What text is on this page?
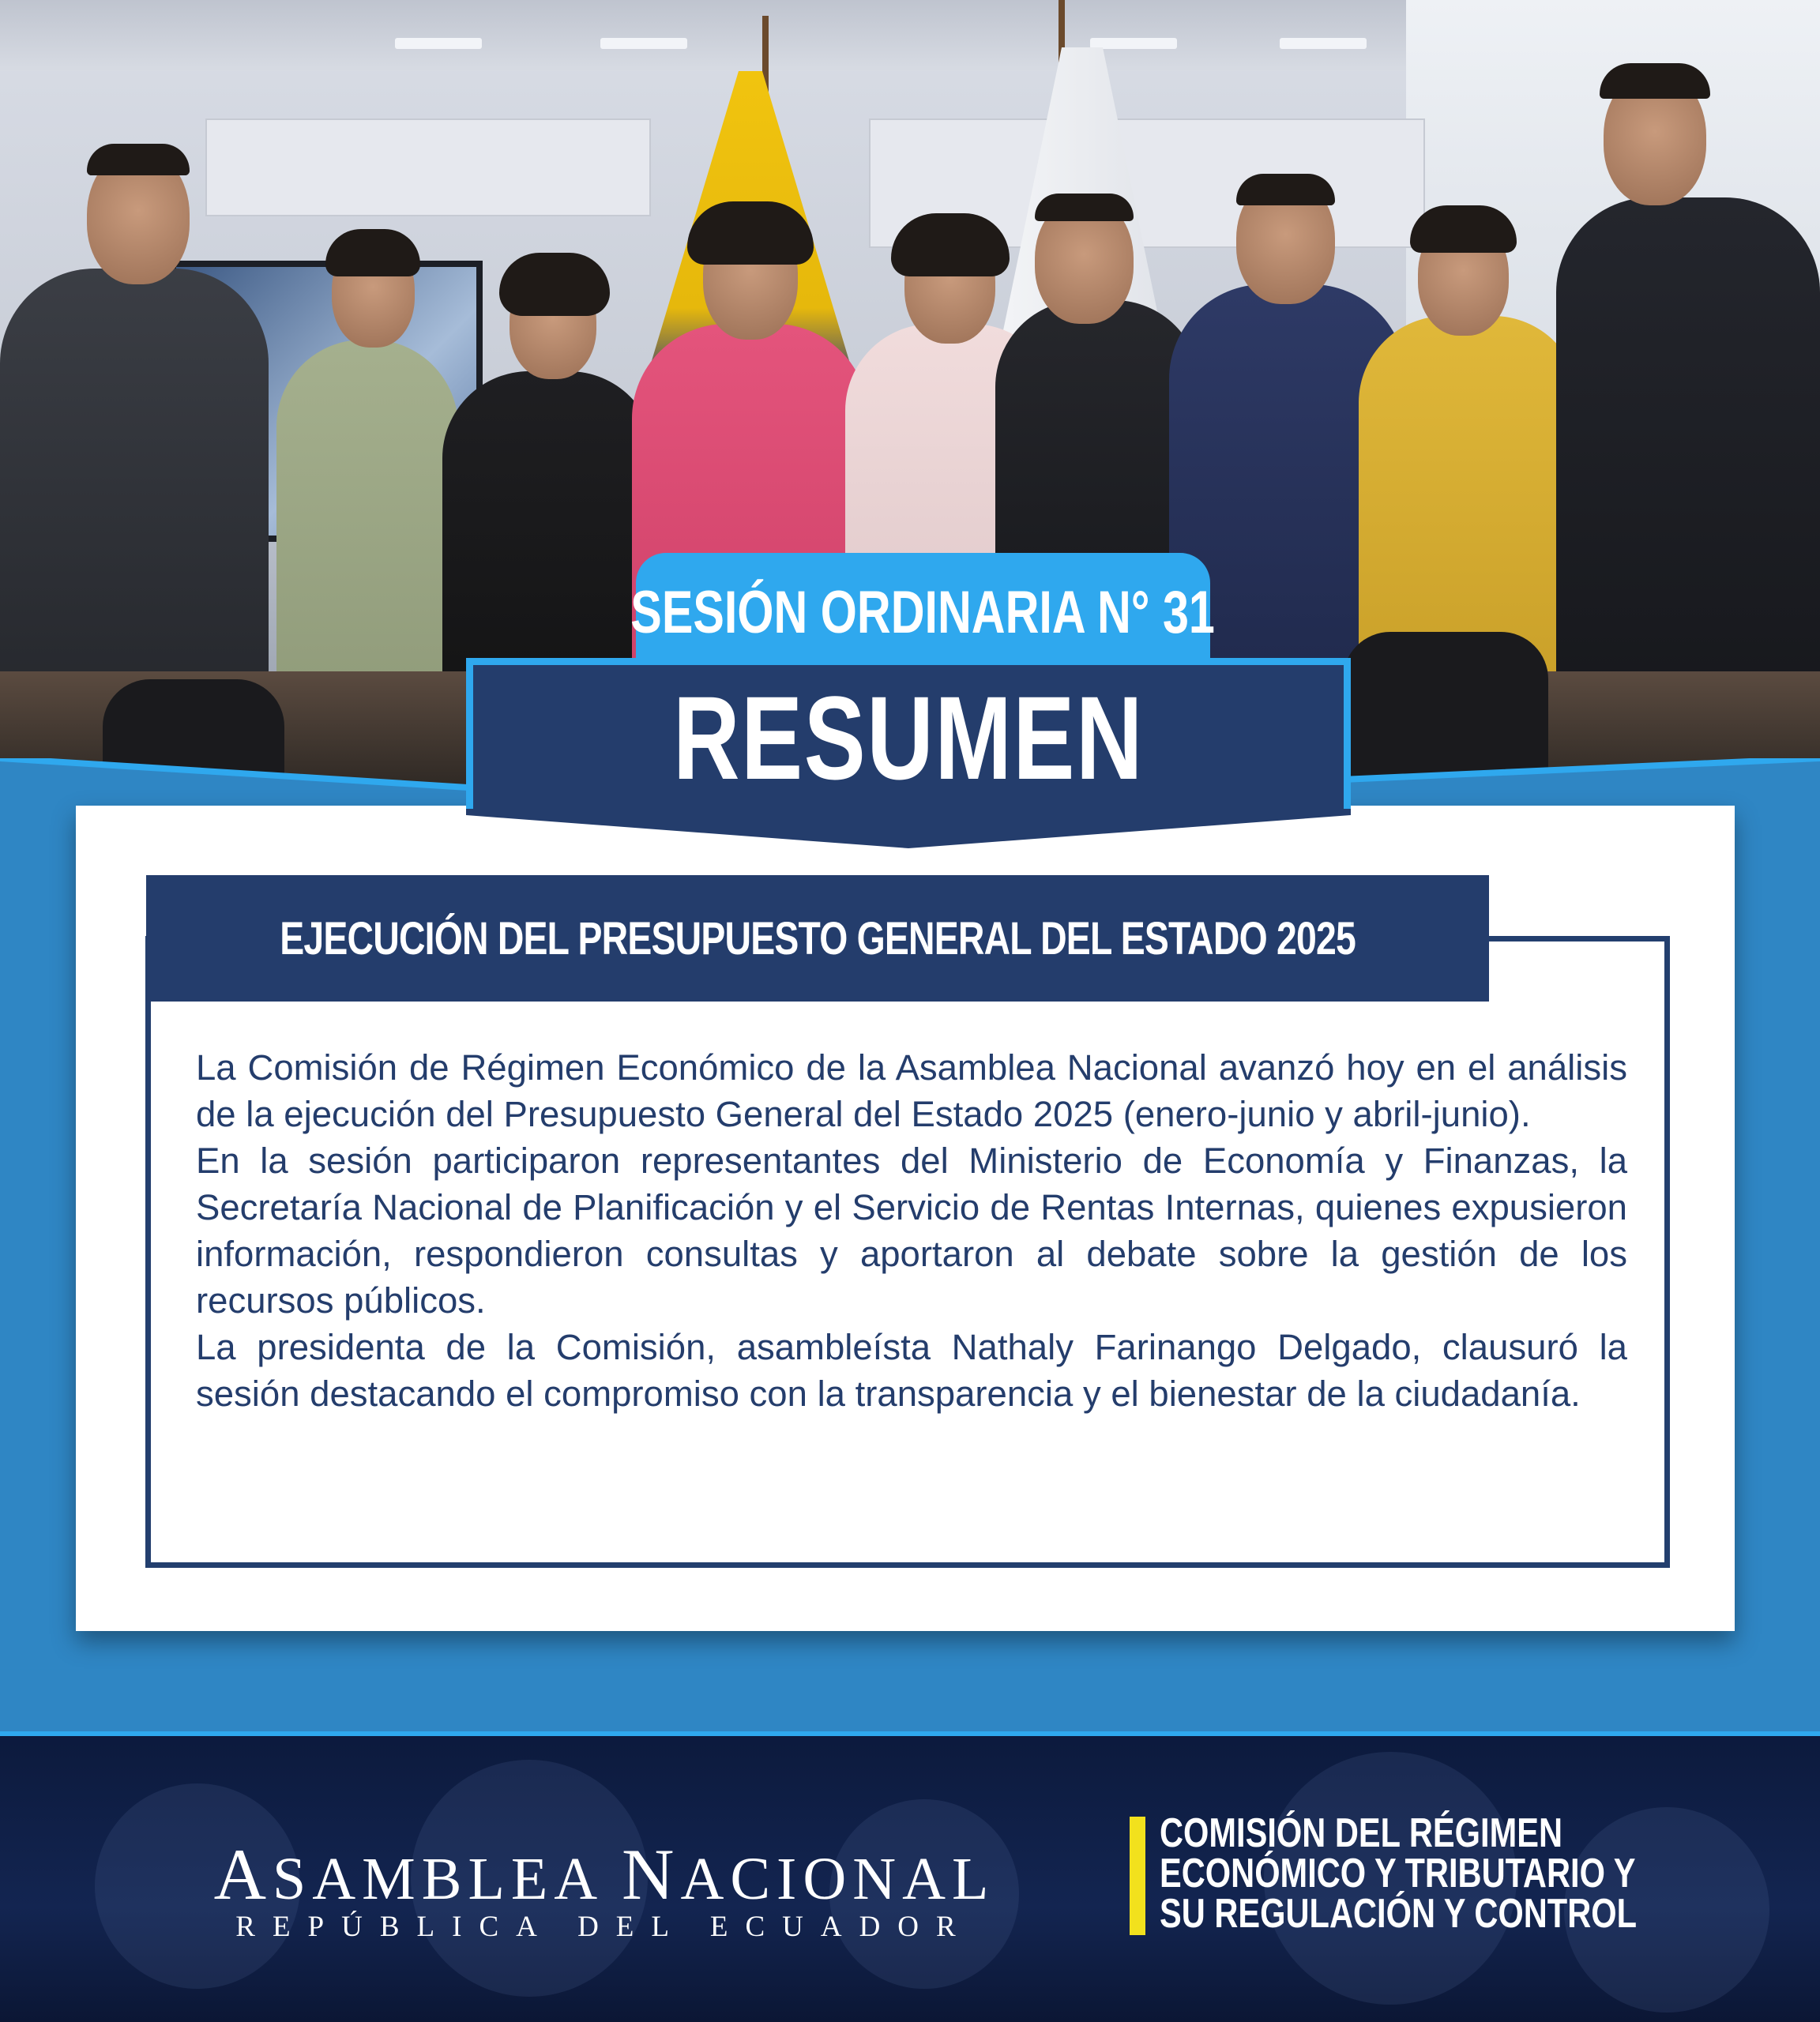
EJECUCIÓN DEL PRESUPUESTO GENERAL DEL ESTADO 2025

La Comisión de Régimen Económico de la Asamblea Nacional avanzó hoy en el análisis de la ejecución del Presupuesto General del Estado 2025 (enero-junio y abril-junio).

En la sesión participaron representantes del Ministerio de Economía y Finanzas, la Secretaría Nacional de Planificación y el Servicio de Rentas Internas, quienes expusieron información, respondieron consultas y aportaron al debate sobre la gestión de los recursos públicos.

La presidenta de la Comisión, asambleísta Nathaly Farinango Delgado, clausuró la sesión destacando el compromiso con la transparencia y el bienestar de la ciudadanía.

SESIÓN ORDINARIA N° 31
RESUMEN
ASAMBLEA NACIONAL
REPÚBLICA DEL ECUADOR
COMISIÓN DEL RÉGIMEN
ECONÓMICO Y TRIBUTARIO Y
SU REGULACIÓN Y CONTROL
